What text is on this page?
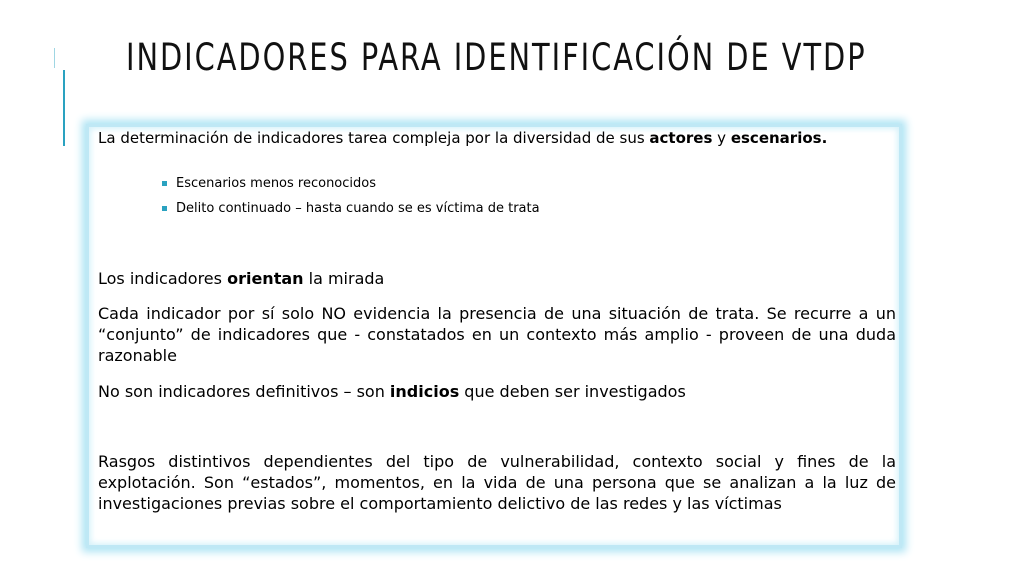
INDICADORES PARA IDENTIFICACIÓN DE VTDP
La determinación de indicadores tarea compleja por la diversidad de sus actores y escenarios.
Escenarios menos reconocidos
Delito continuado – hasta cuando se es víctima de trata
Los indicadores orientan la mirada
Cada indicador por sí solo NO evidencia la presencia de una situación de trata. Se recurre a un “conjunto” de indicadores que - constatados en un contexto más amplio - proveen de una duda razonable
No son indicadores definitivos – son indicios que deben ser investigados
Rasgos distintivos dependientes del tipo de vulnerabilidad, contexto social y fines de la explotación. Son “estados”, momentos, en la vida de una persona que se analizan a la luz de investigaciones previas sobre el comportamiento delictivo de las redes y las víctimas
